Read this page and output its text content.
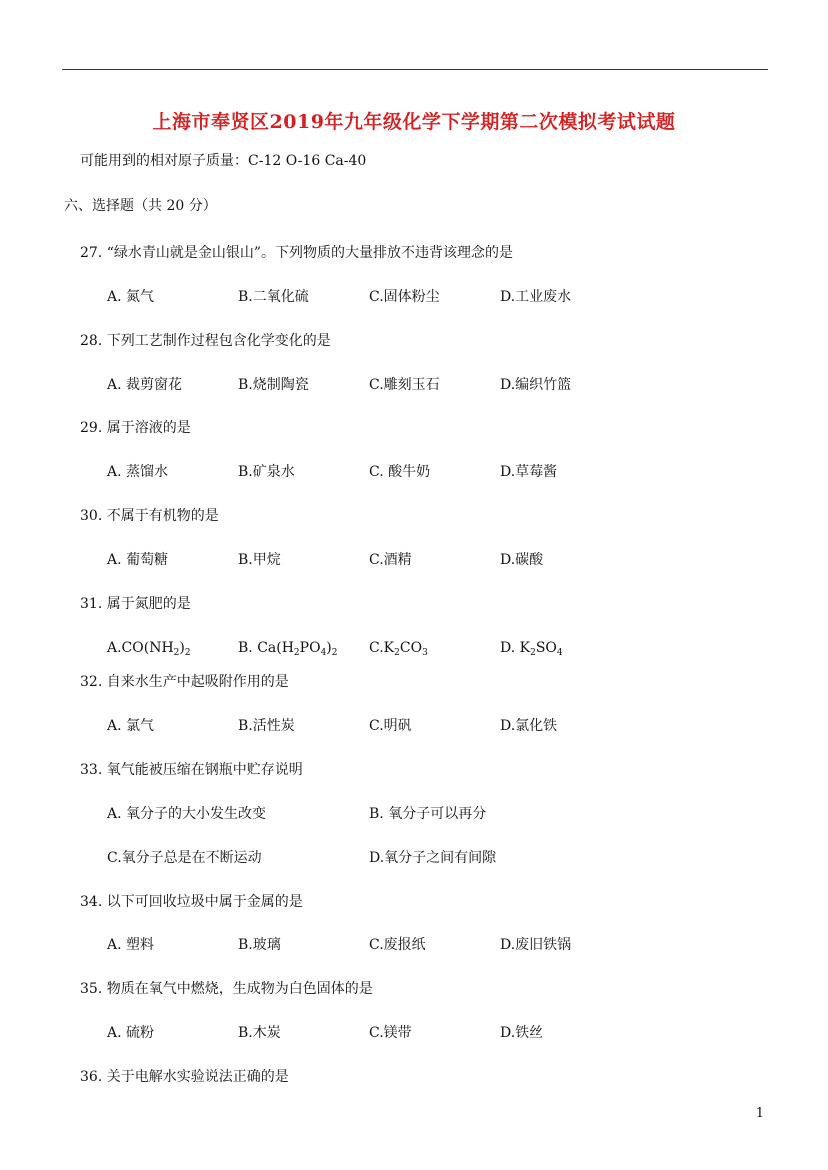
上海市奉贤区2019年九年级化学下学期第二次模拟考试试题
可能用到的相对原子质量：C-12 O-16 Ca-40
六、选择题（共 20 分）
27. “绿水青山就是金山银山”。下列物质的大量排放不违背该理念的是
A. 氮气	B.二氧化硫	C.固体粉尘	D.工业废水
28. 下列工艺制作过程包含化学变化的是
A. 裁剪窗花	B.烧制陶瓷	C.雕刻玉石	D.编织竹篮
29. 属于溶液的是
A. 蒸馏水	B.矿泉水	C. 酸牛奶	D.草莓酱
30. 不属于有机物的是
A. 葡萄糖	B.甲烷	C.酒精	D.碳酸
31. 属于氮肥的是
$A.CO(NH_2)_2$	B. $Ca(H_2PO_4)_2$ $C.K_2CO_3$	D. $K_2SO_4$
32. 自来水生产中起吸附作用的是
A. 氯气	B.活性炭	C.明矾	D.氯化铁
33. 氧气能被压缩在钢瓶中贮存说明
A. 氧分子的大小发生改变	B. 氧分子可以再分
C.氧分子总是在不断运动	D.氧分子之间有间隙
34. 以下可回收垃圾中属于金属的是
A. 塑料	B.玻璃	C.废报纸	D.废旧铁锅
35. 物质在氧气中燃烧，生成物为白色固体的是
A. 硫粉	B.木炭	C.镁带	D.铁丝
36. 关于电解水实验说法正确的是
1
